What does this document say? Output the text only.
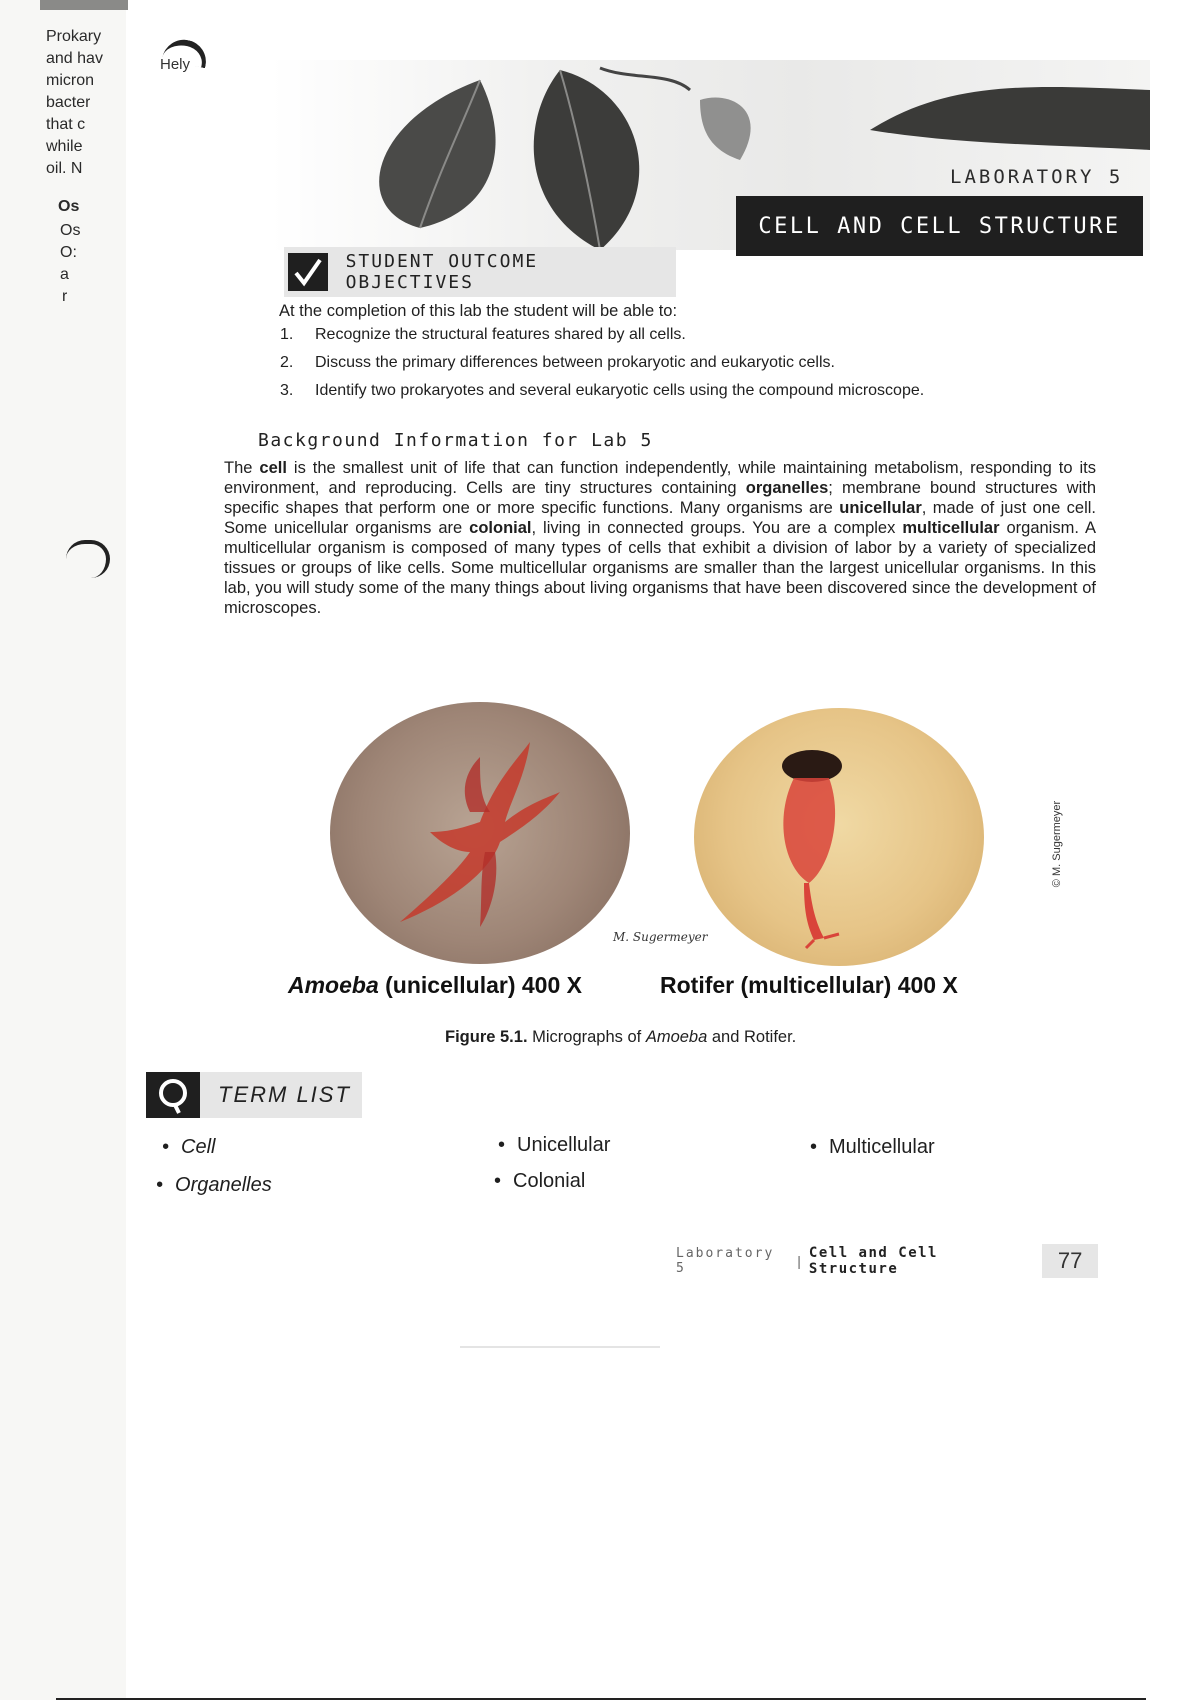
Prokary
and hav
micron
bacter
that c
while
oil. N
Os
Os
O:
a
r
Hely
LABORATORY 5
CELL AND CELL STRUCTURE
STUDENT OUTCOME OBJECTIVES
At the completion of this lab the student will be able to:
1.	Recognize the structural features shared by all cells.
2.	Discuss the primary differences between prokaryotic and eukaryotic cells.
3.	Identify two prokaryotes and several eukaryotic cells using the compound microscope.
Background Information for Lab 5
The cell is the smallest unit of life that can function independently, while maintaining metabolism, responding to its environment, and reproducing. Cells are tiny structures containing organelles; membrane bound structures with specific shapes that perform one or more specific functions. Many organisms are unicellular, made of just one cell. Some unicellular organisms are colonial, living in connected groups. You are a complex multicellular organism. A multicellular organism is composed of many types of cells that exhibit a division of labor by a variety of specialized tissues or groups of like cells. Some multicellular organisms are smaller than the largest unicellular organisms. In this lab, you will study some of the many things about living organisms that have been discovered since the development of microscopes.
M. Sugermeyer
© M. Sugermeyer
Amoeba (unicellular) 400 X	Rotifer (multicellular) 400 X
Figure 5.1. Micrographs of Amoeba and Rotifer.
TERM LIST
• Cell
• Organelles
• Unicellular
• Colonial
• Multicellular
Laboratory 5	| Cell and Cell Structure	77
